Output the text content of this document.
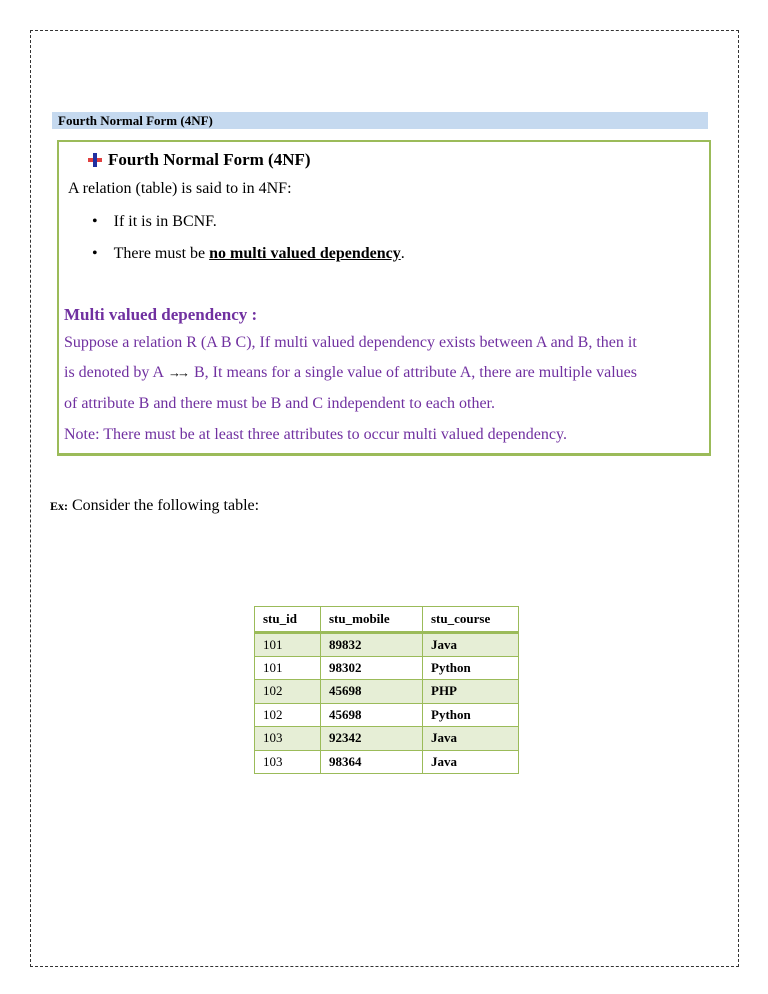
Fourth Normal Form (4NF)
Fourth Normal Form (4NF)
A relation (table) is said to in 4NF:
•    If it is in BCNF.
•    There must be no multi valued dependency.
Multi valued dependency :
Suppose a relation R (A B C), If multi valued dependency exists between A and B, then it
is denoted by A →→ B, It means for a single value of attribute A, there are multiple values
of attribute B and there must be B and C independent to each other.
Note: There must be at least three attributes to occur multi valued dependency.
Ex: Consider the following table:
stu_id	stu_mobile	stu_course
101	89832	Java
101	98302	Python
102	45698	PHP
102	45698	Python
103	92342	Java
103	98364	Java
